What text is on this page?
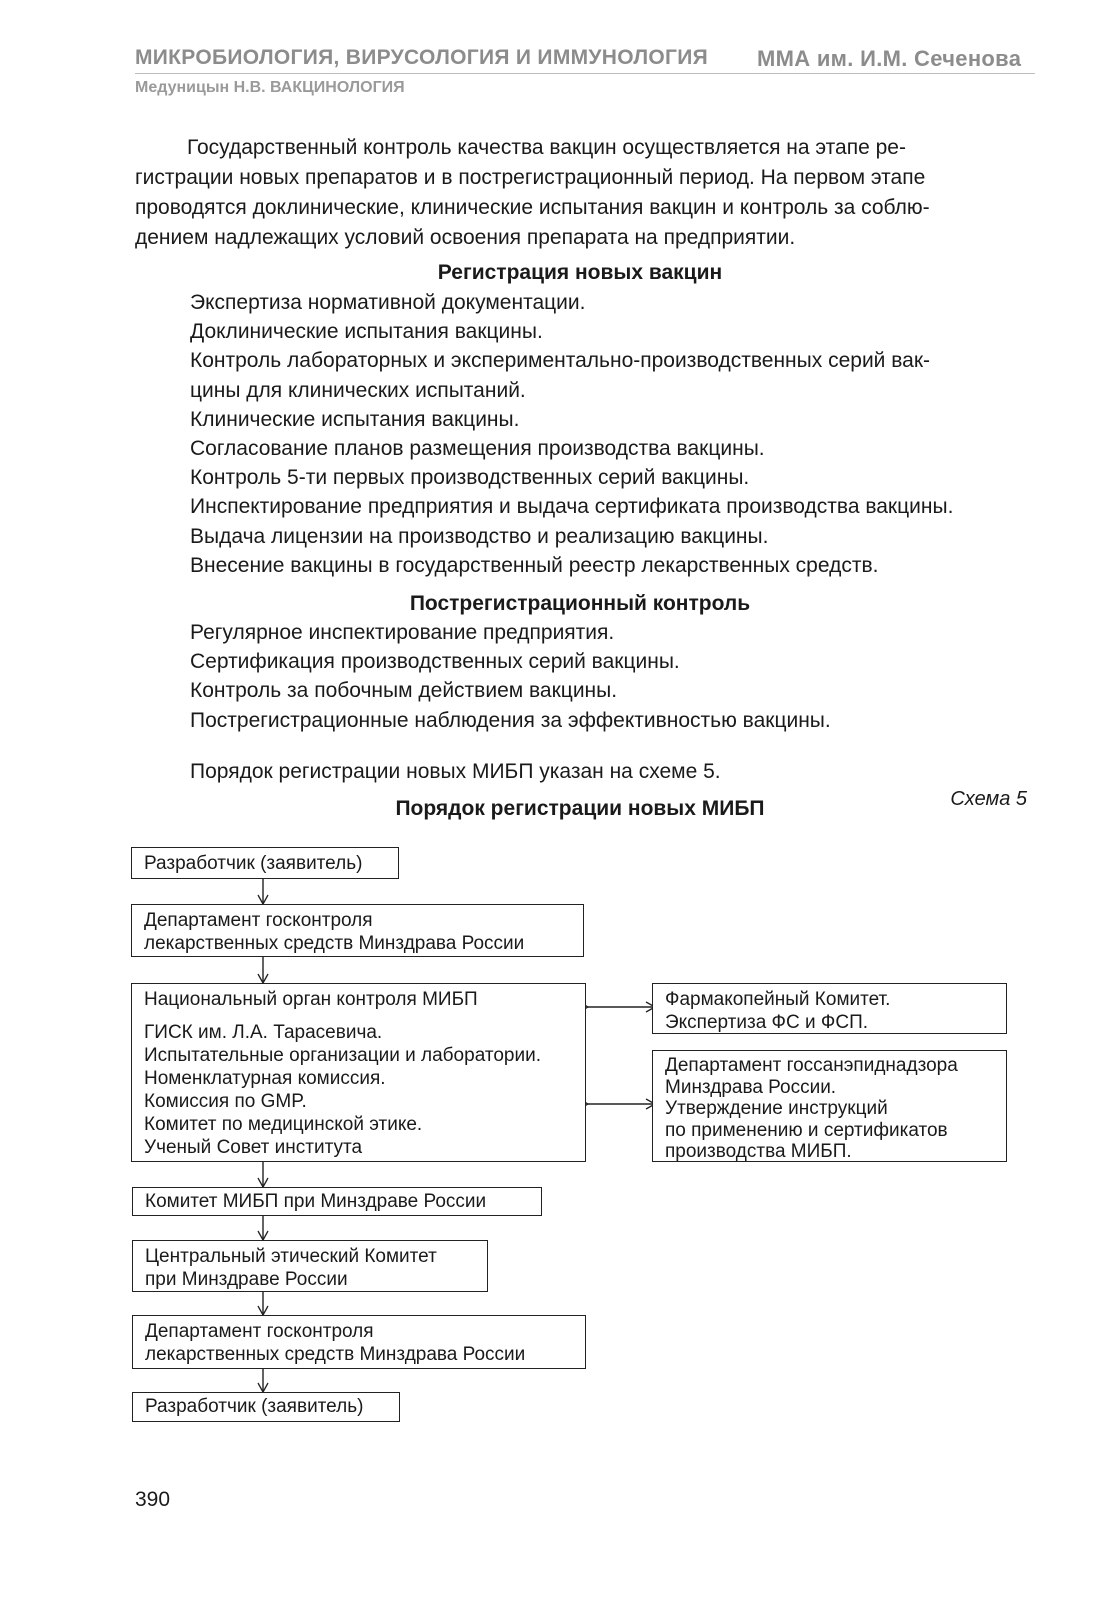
МИКРОБИОЛОГИЯ, ВИРУСОЛОГИЯ И ИММУНОЛОГИЯ ММА им. И.М. Сеченова
Медуницын Н.В. ВАКЦИНОЛОГИЯ
Государственный контроль качества вакцин осуществляется на этапе ре-
гистрации новых препаратов и в пострегистрационный период. На первом этапе
проводятся доклинические, клинические испытания вакцин и контроль за соблю-
дением надлежащих условий освоения препарата на предприятии.
Регистрация новых вакцин
Экспертиза нормативной документации.
Доклинические испытания вакцины.
Контроль лабораторных и экспериментально-производственных серий вак-
цины для клинических испытаний.
Клинические испытания вакцины.
Согласование планов размещения производства вакцины.
Контроль 5-ти первых производственных серий вакцины.
Инспектирование предприятия и выдача сертификата производства вакцины.
Выдача лицензии на производство и реализацию вакцины.
Внесение вакцины в государственный реестр лекарственных средств.
Пострегистрационный контроль
Регулярное инспектирование предприятия.
Сертификация производственных серий вакцины.
Контроль за побочным действием вакцины.
Пострегистрационные наблюдения за эффективностью вакцины.
Порядок регистрации новых МИБП указан на схеме 5.
Схема 5
Порядок регистрации новых МИБП
Разработчик (заявитель)
Департамент госконтроля
лекарственных средств Минздрава России
Национальный орган контроля МИБП
ГИСК им. Л.А. Тарасевича.
Испытательные организации и лаборатории.
Номенклатурная комиссия.
Комиссия по GMP.
Комитет по медицинской этике.
Ученый Совет института
Фармакопейный Комитет.
Экспертиза ФС и ФСП.
Департамент госсанэпиднадзора
Минздрава России.
Утверждение инструкций
по применению и сертификатов
производства МИБП.
Комитет МИБП при Минздраве России
Центральный этический Комитет
при Минздраве России
Департамент госконтроля
лекарственных средств Минздрава России
Разработчик (заявитель)
390
